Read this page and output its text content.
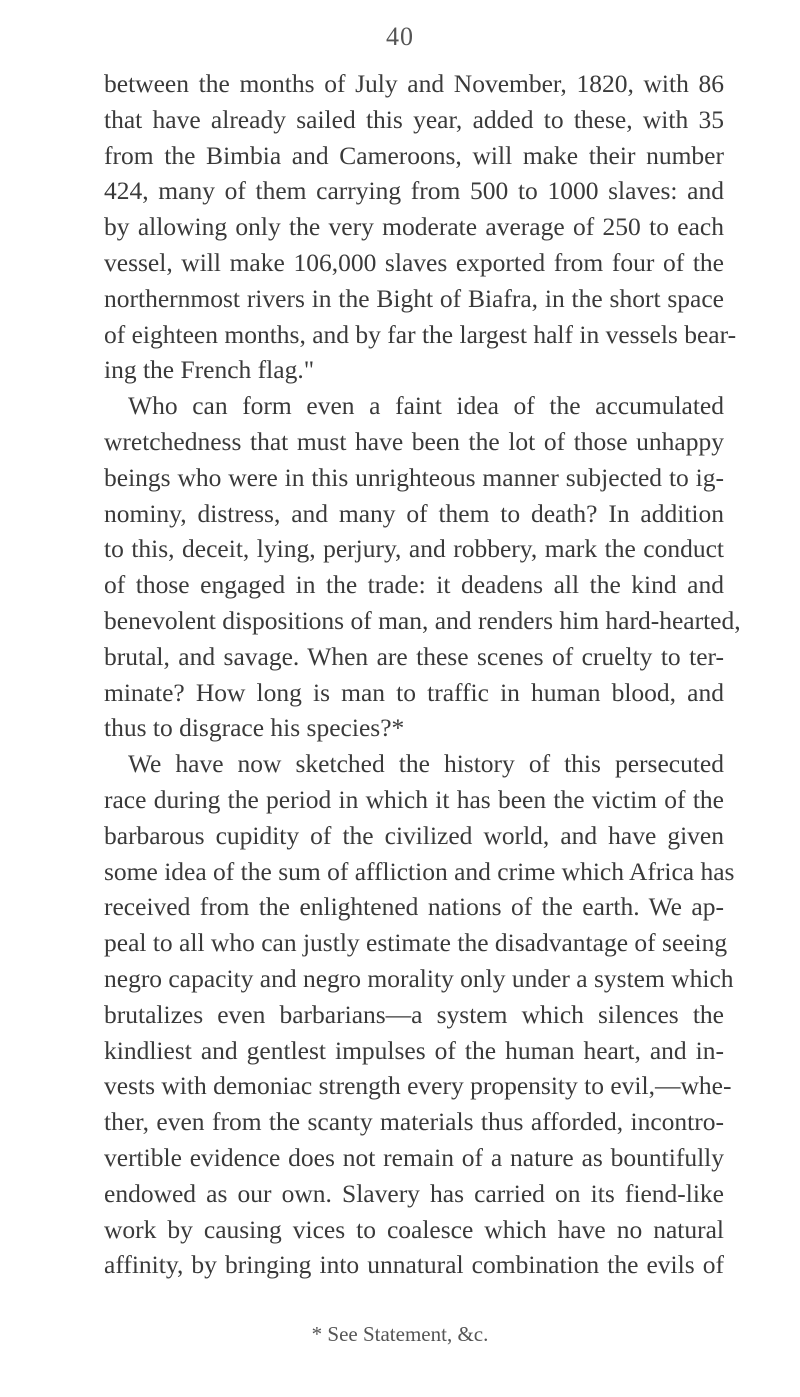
40
between the months of July and November, 1820, with 86
that have already sailed this year, added to these, with 35
from the Bimbia and Cameroons, will make their number
424, many of them carrying from 500 to 1000 slaves: and
by allowing only the very moderate average of 250 to each
vessel, will make 106,000 slaves exported from four of the
northernmost rivers in the Bight of Biafra, in the short space
of eighteen months, and by far the largest half in vessels bear-
ing the French flag."
Who can form even a faint idea of the accumulated
wretchedness that must have been the lot of those unhappy
beings who were in this unrighteous manner subjected to ig-
nominy, distress, and many of them to death? In addition
to this, deceit, lying, perjury, and robbery, mark the conduct
of those engaged in the trade: it deadens all the kind and
benevolent dispositions of man, and renders him hard-hearted,
brutal, and savage. When are these scenes of cruelty to ter-
minate? How long is man to traffic in human blood, and
thus to disgrace his species?*
We have now sketched the history of this persecuted
race during the period in which it has been the victim of the
barbarous cupidity of the civilized world, and have given
some idea of the sum of affliction and crime which Africa has
received from the enlightened nations of the earth. We ap-
peal to all who can justly estimate the disadvantage of seeing
negro capacity and negro morality only under a system which
brutalizes even barbarians—a system which silences the
kindliest and gentlest impulses of the human heart, and in-
vests with demoniac strength every propensity to evil,—whe-
ther, even from the scanty materials thus afforded, incontro-
vertible evidence does not remain of a nature as bountifully
endowed as our own. Slavery has carried on its fiend-like
work by causing vices to coalesce which have no natural
affinity, by bringing into unnatural combination the evils of
* See Statement, &c.
